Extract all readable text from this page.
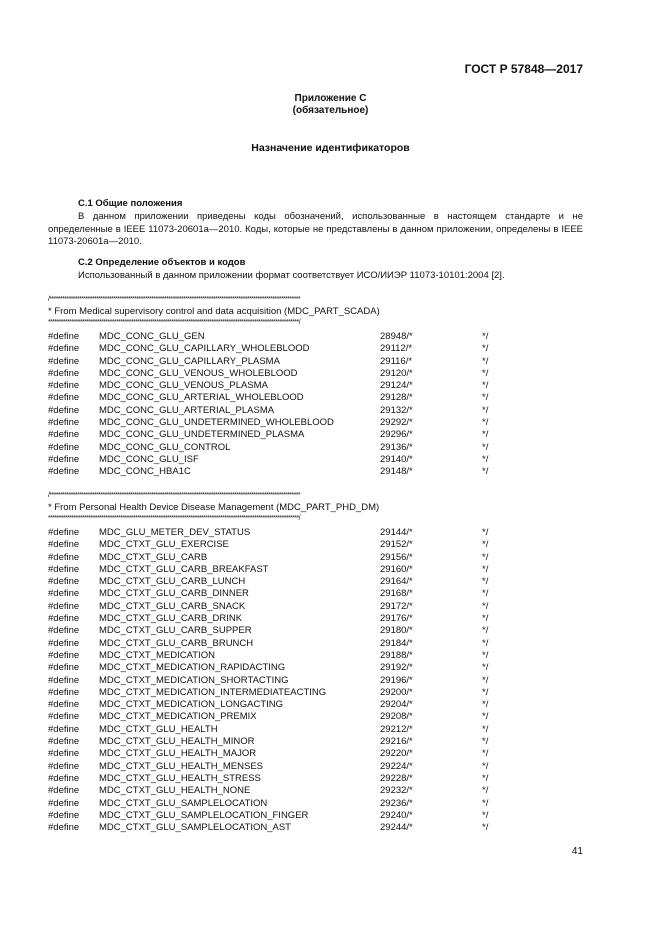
ГОСТ Р 57848—2017
Приложение С
(обязательное)
Назначение идентификаторов
С.1 Общие положения
В данном приложении приведены коды обозначений, использованные в настоящем стандарте и не определенные в IEEE 11073-20601а—2010. Коды, которые не представлены в данном приложении, определены в IEEE 11073-20601а—2010.
С.2 Определение объектов и кодов
Использованный в данном приложении формат соответствует ИСО/ИИЭР 11073-10101:2004 [2].
/**********************************************************************************************************************
* From Medical supervisory control and data acquisition (MDC_PART_SCADA)
**********************************************************************************************************************/
#define MDC_CONC_GLU_GEN	28948/*	*/
#define MDC_CONC_GLU_CAPILLARY_WHOLEBLOOD	29112/*	*/
#define MDC_CONC_GLU_CAPILLARY_PLASMA	29116/*	*/
#define MDC_CONC_GLU_VENOUS_WHOLEBLOOD	29120/*	*/
#define MDC_CONC_GLU_VENOUS_PLASMA	29124/*	*/
#define MDC_CONC_GLU_ARTERIAL_WHOLEBLOOD	29128/*	*/
#define MDC_CONC_GLU_ARTERIAL_PLASMA	29132/*	*/
#define MDC_CONC_GLU_UNDETERMINED_WHOLEBLOOD	29292/*	*/
#define MDC_CONC_GLU_UNDETERMINED_PLASMA	29296/*	*/
#define MDC_CONC_GLU_CONTROL	29136/*	*/
#define MDC_CONC_GLU_ISF	29140/*	*/
#define MDC_CONC_HBA1C	29148/*	*/
/**********************************************************************************************************************
* From Personal Health Device Disease Management (MDC_PART_PHD_DM)
**********************************************************************************************************************/
#define MDC_GLU_METER_DEV_STATUS	29144/*	*/
#define MDC_CTXT_GLU_EXERCISE	29152/*	*/
#define MDC_CTXT_GLU_CARB	29156/*	*/
#define MDC_CTXT_GLU_CARB_BREAKFAST	29160/*	*/
#define MDC_CTXT_GLU_CARB_LUNCH	29164/*	*/
#define MDC_CTXT_GLU_CARB_DINNER	29168/*	*/
#define MDC_CTXT_GLU_CARB_SNACK	29172/*	*/
#define MDC_CTXT_GLU_CARB_DRINK	29176/*	*/
#define MDC_CTXT_GLU_CARB_SUPPER	29180/*	*/
#define MDC_CTXT_GLU_CARB_BRUNCH	29184/*	*/
#define MDC_CTXT_MEDICATION	29188/*	*/
#define MDC_CTXT_MEDICATION_RAPIDACTING	29192/*	*/
#define MDC_CTXT_MEDICATION_SHORTACTING	29196/*	*/
#define MDC_CTXT_MEDICATION_INTERMEDIATEACTING	29200/*	*/
#define MDC_CTXT_MEDICATION_LONGACTING	29204/*	*/
#define MDC_CTXT_MEDICATION_PREMIX	29208/*	*/
#define MDC_CTXT_GLU_HEALTH	29212/*	*/
#define MDC_CTXT_GLU_HEALTH_MINOR	29216/*	*/
#define MDC_CTXT_GLU_HEALTH_MAJOR	29220/*	*/
#define MDC_CTXT_GLU_HEALTH_MENSES	29224/*	*/
#define MDC_CTXT_GLU_HEALTH_STRESS	29228/*	*/
#define MDC_CTXT_GLU_HEALTH_NONE	29232/*	*/
#define MDC_CTXT_GLU_SAMPLELOCATION	29236/*	*/
#define MDC_CTXT_GLU_SAMPLELOCATION_FINGER	29240/*	*/
#define MDC_CTXT_GLU_SAMPLELOCATION_AST	29244/*	*/
41
